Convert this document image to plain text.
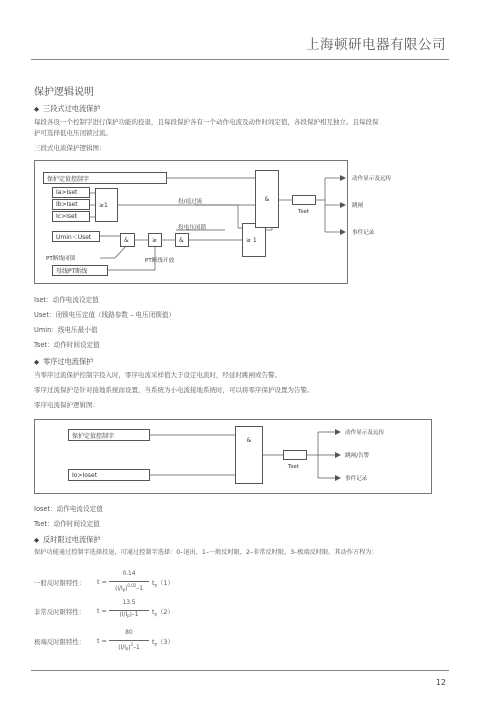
上海顿研电器有限公司
保护逻辑说明
◆ 三段式过电流保护
每段各设一个控制字进行保护功能的投退，且每段保护各有一个动作电流及动作时间定值，各段保护相互独立。且每段保
护可选择低电压闭锁过流。
三段式电流保护逻辑图：
保护定值控制字
Ia>Iset
Ib>Iset
Ic>Iset
≥1
Umin＜Uset
投/退过流
投电压闭锁
&	≥	&	≥ 1
&
Tset
PT断线闭锁	PT断线开放
母线PT断线
动作显示及远传
跳闸
事件记录
Iset：动作电流设定值
Uset：闭锁电压定值（线路参数 – 电压闭锁值）
Umin：线电压最小值
Tset：动作时间设定值
◆ 零序过电流保护
当零序过流保护控制字投入时，零序电流采样值大于设定电流时，经延时跳闸或告警。
零序过流保护是针对接地系统而设置，当系统为小电流接地系统时，可以将零序保护设置为告警。
零序电流保护逻辑图：
保护定值控制字
Io>Ioset
&
Tset
动作显示及远传
跳闸/告警
事件记录
Ioset：动作电流设定值
Tset：动作时间设定值
◆ 反时限过电流保护
保护功能通过控制字选择投退，可通过控制字选择：0–退出，1–一般反时限，2–非常反时限，3–极端反时限。其动作方程为：
一般反时限特性： t =
0.14
$(I/I_P)^{0.02}-1$
$t_P(1)$
非常反时限特性： t =
13.5
$(I/I_P)-1$	$t_P(2)$
极端反时限特性： t =
80
$(I/I_P)^2-1$
$t_P(3)$
12
